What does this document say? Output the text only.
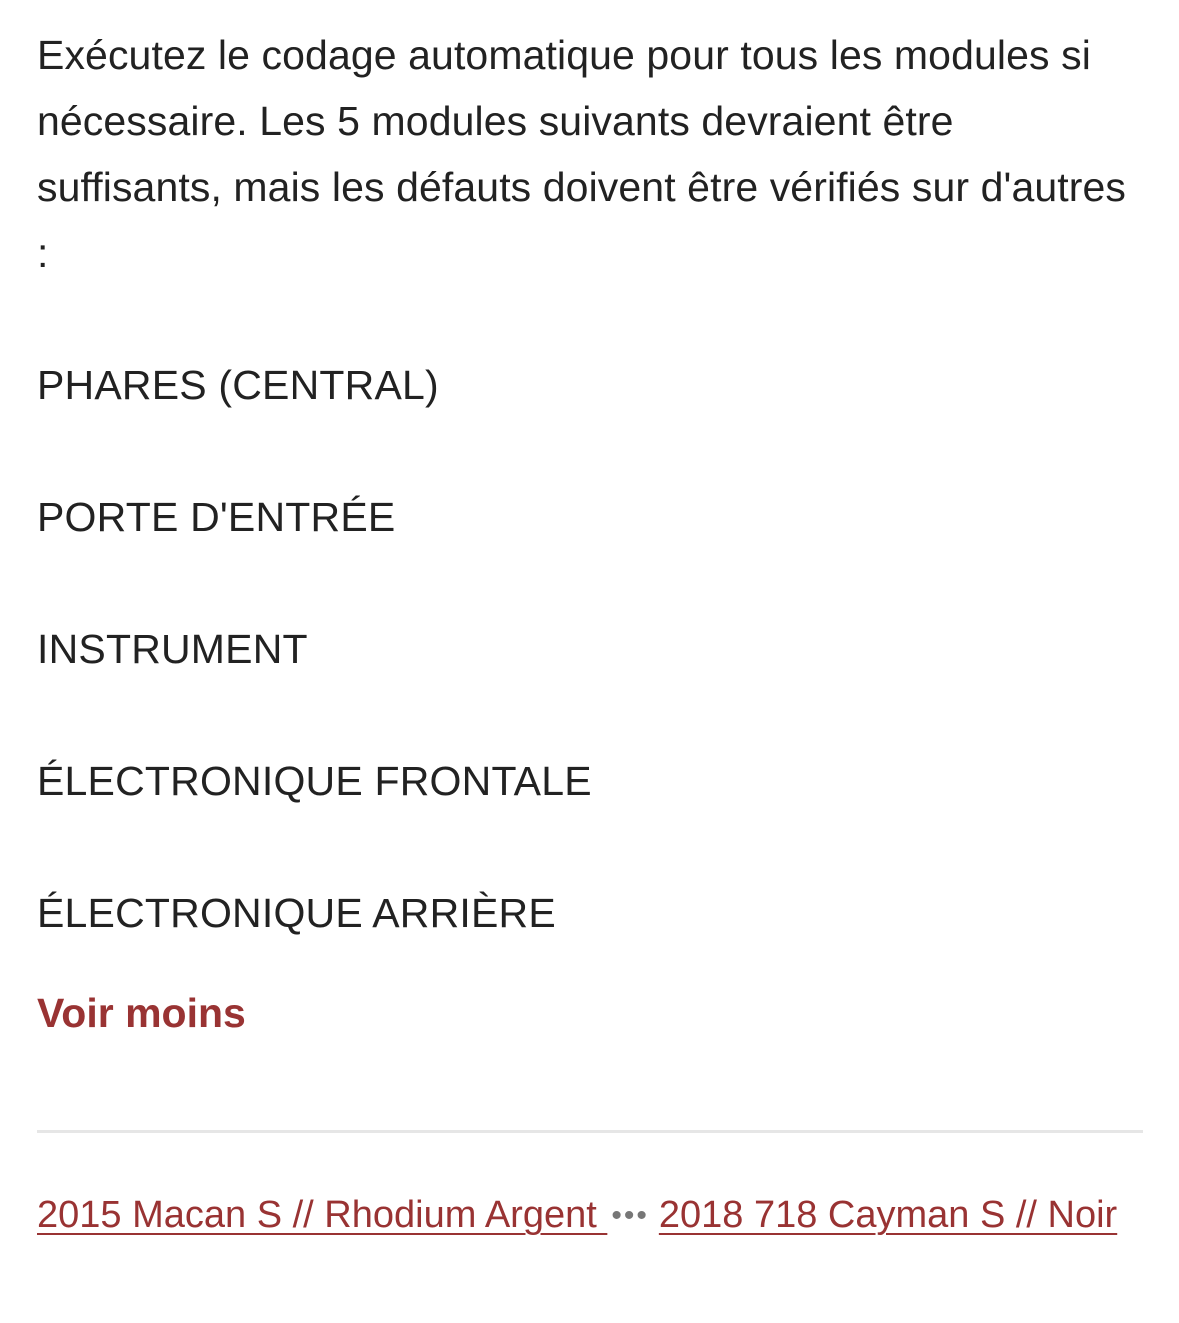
Exécutez le codage automatique pour tous les modules si nécessaire. Les 5 modules suivants devraient être suffisants, mais les défauts doivent être vérifiés sur d'autres :

PHARES (CENTRAL)
PORTE D'ENTRÉE
INSTRUMENT
ÉLECTRONIQUE FRONTALE
ÉLECTRONIQUE ARRIÈRE
Voir moins
2015 Macan S // Rhodium Argent ••• 2018 718 Cayman S // Noir
